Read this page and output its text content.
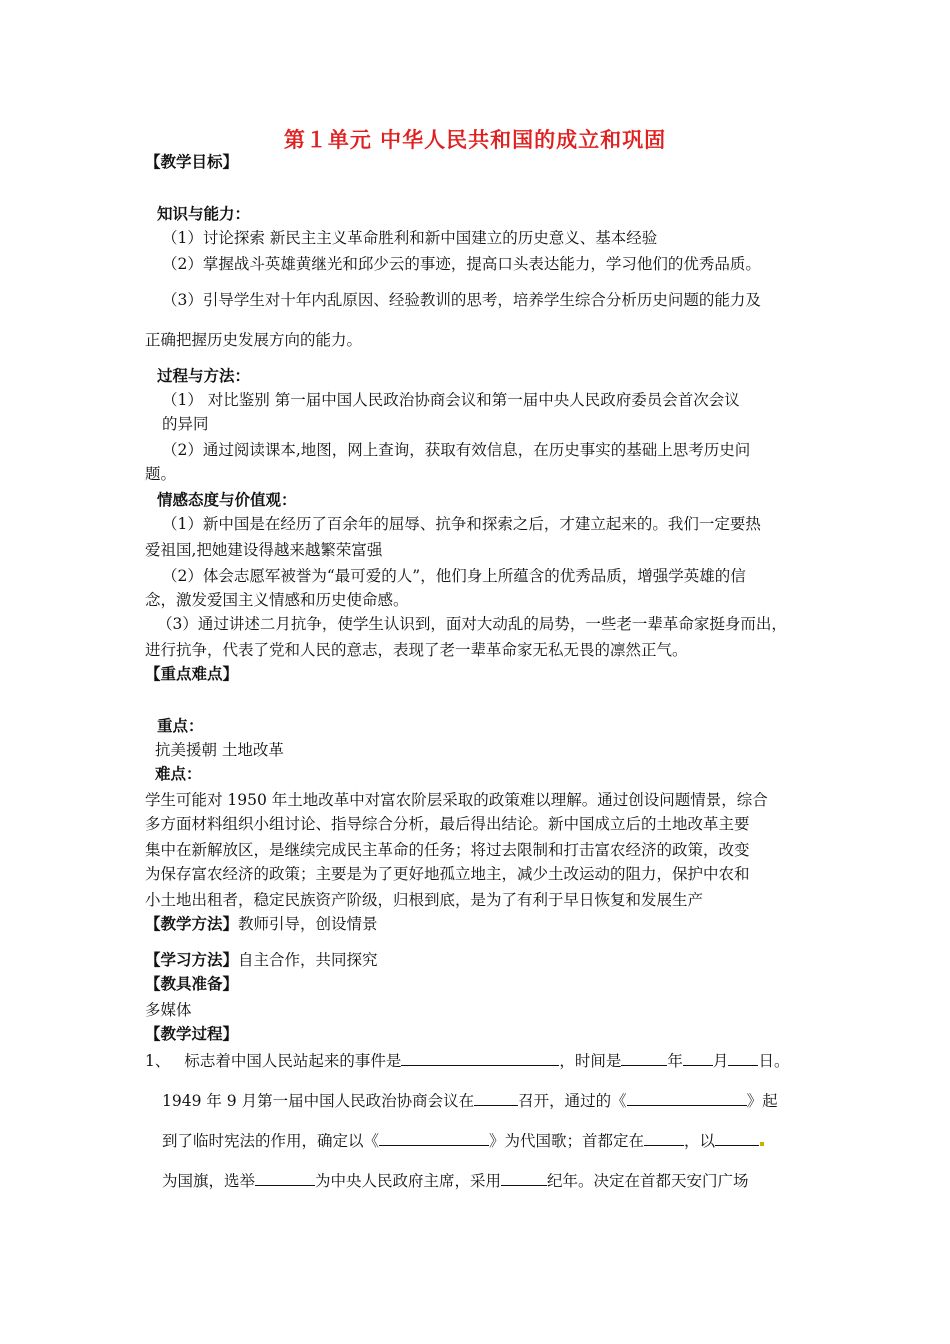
第１单元 中华人民共和国的成立和巩固
【教学目标】
知识与能力：
（1）讨论探索 新民主主义革命胜利和新中国建立的历史意义、基本经验
（2）掌握战斗英雄黄继光和邱少云的事迹，提高口头表达能力，学习他们的优秀品质。
（3）引导学生对十年内乱原因、经验教训的思考，培养学生综合分析历史问题的能力及
正确把握历史发展方向的能力。
过程与方法：
（1） 对比鉴别 第一届中国人民政治协商会议和第一届中央人民政府委员会首次会议
的异同
（2）通过阅读课本,地图，网上查询，获取有效信息，在历史事实的基础上思考历史问
题。
情感态度与价值观：
（1）新中国是在经历了百余年的屈辱、抗争和探索之后，才建立起来的。我们一定要热
爱祖国,把她建设得越来越繁荣富强
（2）体会志愿军被誉为“最可爱的人”，他们身上所蕴含的优秀品质，增强学英雄的信
念，激发爱国主义情感和历史使命感。
（3）通过讲述二月抗争，使学生认识到，面对大动乱的局势，一些老一辈革命家挺身而出，
进行抗争，代表了党和人民的意志，表现了老一辈革命家无私无畏的凛然正气。
【重点难点】
重点：
抗美援朝 土地改革
难点：
学生可能对 1950 年土地改革中对富农阶层采取的政策难以理解。通过创设问题情景，综合
多方面材料组织小组讨论、指导综合分析，最后得出结论。新中国成立后的土地改革主要
集中在新解放区，是继续完成民主革命的任务；将过去限制和打击富农经济的政策，改变
为保存富农经济的政策；主要是为了更好地孤立地主，减少土改运动的阻力，保护中农和
小土地出租者，稳定民族资产阶级，归根到底，是为了有利于早日恢复和发展生产
【教学方法】教师引导，创设情景
【学习方法】自主合作，共同探究
【教具准备】
多媒体
【教学过程】
1、 标志着中国人民站起来的事件是	，时间是	年 月 日。
1949 年 9 月第一届中国人民政治协商会议在	召开，通过的《	》起
到了临时宪法的作用，确定以《	》为代国歌；首都定在	，以
为国旗，选举	为中央人民政府主席，采用	纪年。决定在首都天安门广场
